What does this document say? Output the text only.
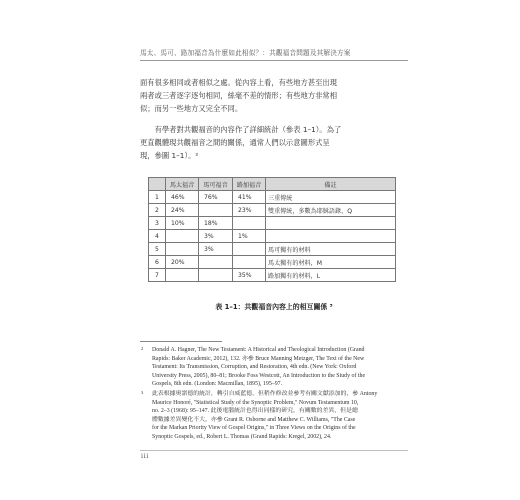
馬太、馬可、路加福音為什麼如此相似？：共觀福音問題及其解決方案

面有很多相同或者相似之處。從內容上看，有些地方甚至出現
兩者或三者逐字逐句相同，絲毫不差的情形；有些地方非常相
似；而另一些地方又完全不同。

　　有學者對共觀福音的內容作了詳細統計（參表 1–1）。為了
更直觀體現共觀福音之間的關係，通常人們以示意圖形式呈
現，參圖 1–1）。²

	馬太福音	馬可福音	路加福音	備註
1	46%	76%	41%	三重傳統
2	24%		23%	雙重傳統，多數為耶穌語錄，Q
3	10%	18%		
4		3%	1%	
5		3%		馬可獨有的材料
6	20%			馬太獨有的材料，M
7			35%	路加獨有的材料，L
表 1–1：共觀福音內容上的相互關係 ³
2 Donald A. Hagner, The New Testament: A Historical and Theological Introduction (Grand
Rapids: Baker Academic, 2012), 132. 亦參 Bruce Manning Metzger, The Text of the New
Testament: Its Transmission, Corruption, and Restoration, 4th edn. (New York: Oxford
University Press, 2005), 80–81; Brooke Foss Westcott, An Introduction to the Study of the
Gospels, 8th edn. (London: Macmillan, 1895), 195–97.
3 此表根據奧諾德的統計，轉引自威藍德，但稍作修改並參考有關文獻添加的，參 Antony
Maurice Honoré, "Statistical Study of the Synoptic Problem," Novum Testamentum 10,
no. 2–3 (1968): 95–147. 此後電腦統計也得出同樣的研究，有關數的差異，但是總
體數據差異變化不大，亦參 Grant R. Osborne and Matthew C. Williams, "The Case
for the Markan Priority View of Gospel Origins," in Three Views on the Origins of the
Synoptic Gospels, ed., Robert L. Thomas (Grand Rapids: Kregel, 2002), 24.
iii
